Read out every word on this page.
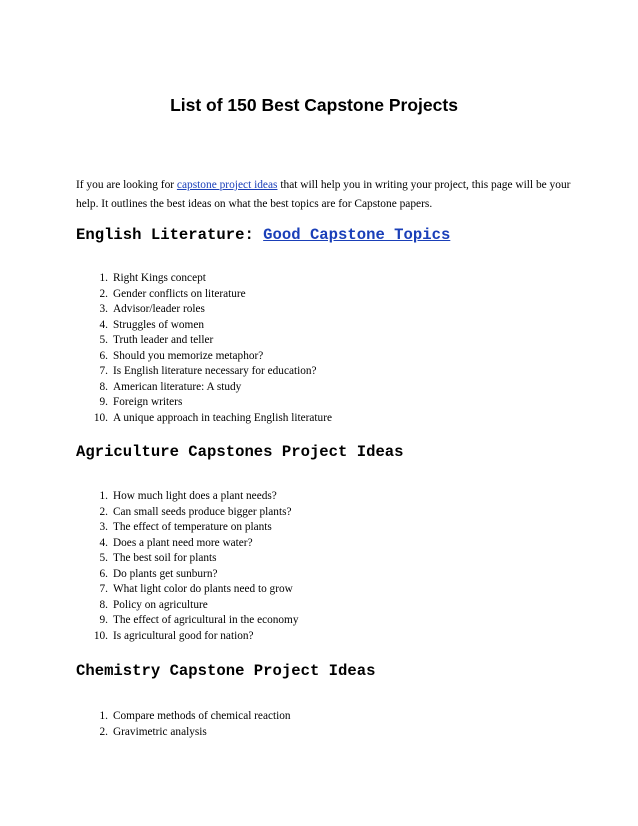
List of 150 Best Capstone Projects

If you are looking for capstone project ideas that will help you in writing your project, this page will be your help. It outlines the best ideas on what the best topics are for Capstone papers.

English Literature: Good Capstone Topics
1. Right Kings concept
2. Gender conflicts on literature
3. Advisor/leader roles
4. Struggles of women
5. Truth leader and teller
6. Should you memorize metaphor?
7. Is English literature necessary for education?
8. American literature: A study
9. Foreign writers
10. A unique approach in teaching English literature
Agriculture Capstones Project Ideas
1. How much light does a plant needs?
2. Can small seeds produce bigger plants?
3. The effect of temperature on plants
4. Does a plant need more water?
5. The best soil for plants
6. Do plants get sunburn?
7. What light color do plants need to grow
8. Policy on agriculture
9. The effect of agricultural in the economy
10. Is agricultural good for nation?
Chemistry Capstone Project Ideas
1. Compare methods of chemical reaction
2. Gravimetric analysis
